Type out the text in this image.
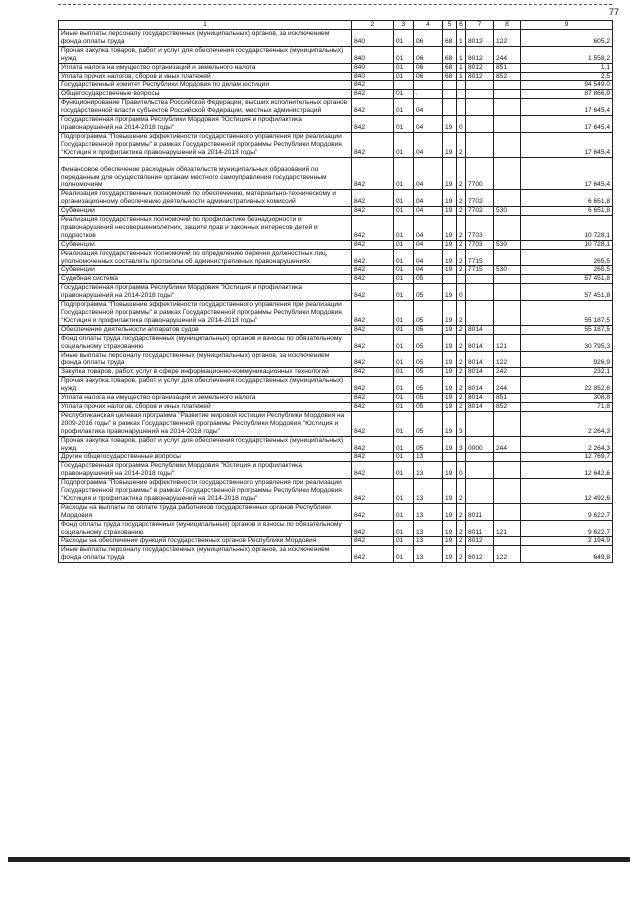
77
1	2	3	4	5	6	7	8	9
Иные выплаты персоналу государственных (муниципальных) органов, за исключением фонда оплаты труда	840	01	06	68	1	8012	122	605,2
Прочая закупка товаров, работ и услуг для обеспечения государственных (муниципальных) нужд	840	01	06	68	1	8012	244	1 558,2
Уплата налога на имущество организаций и земельного налога	840	01	06	68	1	8012	851	1,1
Уплата прочих налогов, сборов и иных платежей	840	01	06	68	1	8012	852	2,5
Государственный комитет Республики Мордовия по делам юстиции	842							94 549,0
Общегосударственные вопросы	842	01	.					87 866,9
Функционирование Правительства Российской Федерации, высших исполнительных органов государственной власти субъектов Российской Федерации, местных администраций	842	01	04					17 645,4
Государственная программа Республики Мордовия "Юстиция и профилактика правонарушений на 2014-2018 годы"	842	01	04	19	0			17 645,4
Подпрограмма "Повышение эффективности государственного управления при реализации Государственной программы" в рамках Государственной программы Республики Мордовия "Юстиция и профилактика правонарушений на 2014-2018 годы"	842	01	04	19	2			17 645,4
Финансовое обеспечение расходных обязательств муниципальных образований по переданным для осуществления органам местного самоуправления государственным полномочиям	842	01	04	19	2	7700		17 645,4
Реализация государственных полномочий по обеспечению, материально-техническому и организационному обеспечению деятельности административных комиссий	842	01	04	19	2	7702		6 651,8
Субвенции	842	01	04	19	2	7702	530	6 651,8
Реализация государственных полномочий по профилактике безнадзорности и правонарушений несовершеннолетних, защите прав и законных интересов детей и подростков	842	01	04	19	2	7703		10 728,1
Субвенции	842	01	04	19	2	7703	530	10 728,1
Реализация государственных полномочий по определению перечня должностных лиц, уполномоченных составлять протоколы об административных правонарушениях	842	01	04	19	2	7715		265,5
Субвенции	842	01	04	19	2	7715	530	265,5
Судебная система	842	01	05					57 451,8
Государственная программа Республики Мордовия "Юстиция и профилактика правонарушений на 2014-2018 годы"	842	01	05	19	0			57 451,8
Подпрограмма "Повышение эффективности государственного управления при реализации Государственной программы" в рамках Государственной программы Республики Мордовия "Юстиция и профилактика правонарушений на 2014-2018 годы"	842	01	05	19	2			55 187,5
Обеспечение деятельности аппаратов судов	842	01	05	19	2	8014		55 187,5
Фонд оплаты труда государственных (муниципальных) органов и взносы по обязательному социальному страхованию	842	01	05	19	2	8014	121	30 795,3
Иные выплаты персоналу государственных (муниципальных) органов, за исключением фонда оплаты труда	842	01	05	19	2	8014	122	926,9
Закупка товаров, работ, услуг в сфере информационно-коммуникационных технологий	842	01	05	19	2	8014	242	232,1
Прочая закупка товаров, работ и услуг для обеспечения государственных (муниципальных) нужд	842	01	05	19	2	8014	244	22 852,6
Уплата налога на имущество организаций и земельного налога	842	01	05	19	2	8014	851	308,8
Уплата прочих налогов, сборов и иных платежей	842	01	05	19	2	8014	852	71,8
Республиканская целевая программа "Развитие мировой юстиции Республики Мордовия на 2009-2016 годы" в рамках Государственной программы Республики Мордовия "Юстиция и профилактика правонарушений на 2014-2018 годы"	842	01	05	19	3			2 264,3
Прочая закупка товаров, работ и услуг для обеспечения государственных (муниципальных) нужд	842	01	05	19	3	0000	244	2 264,3
Другие общегосударственные вопросы	842	01	13					12 769,7
Государственная программа Республики Мордовия "Юстиция и профилактика правонарушений на 2014-2018 годы"	842	01	13	19	0			12 642,6
Подпрограмма "Повышение эффективности государственного управления при реализации Государственной программы" в рамках Государственной программы Республики Мордовия "Юстиция и профилактика правонарушений на 2014-2018 годы"	842	01	13	19	2			12 492,6
Расходы на выплаты по оплате труда работников государственных органов Республики Мордовия	842	01	13	19	2	8011		9 622,7
Фонд оплаты труда государственных (муниципальных) органов и взносы по обязательному социальному страхованию	842	01	13	19	2	8011	121	9 622,7
Расходы на обеспечение функций государственных органов Республики Мордовия	842	01	13	19	2	8012		2 194,9
Иные выплаты персоналу государственных (муниципальных) органов, за исключением фонда оплаты труда	842	01	13	19	2	8012	122	649,8
